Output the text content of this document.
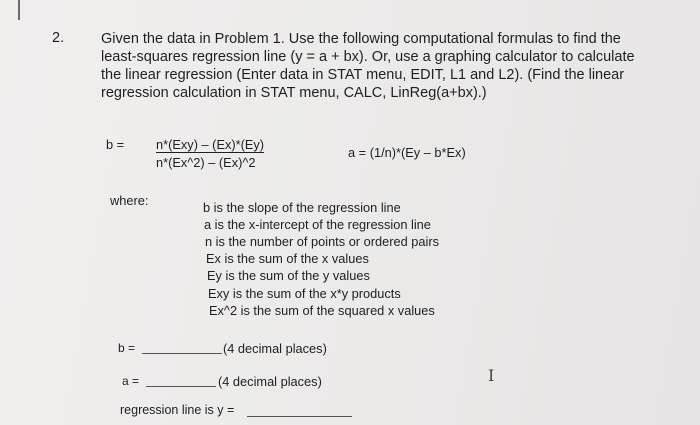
2.	Given the data in Problem 1. Use the following computational formulas to find the
least-squares regression line (y = a + bx). Or, use a graphing calculator to calculate
the linear regression (Enter data in STAT menu, EDIT, L1 and L2). (Find the linear
regression calculation in STAT menu, CALC, LinReg(a+bx).)
b = n*(Exy) – (Ex)*(Ey)
n*(Ex^2) – (Ex)^2
a = (1/n)*(Ey – b*Ex)
where:	b is the slope of the regression line
a is the x-intercept of the regression line
n is the number of points or ordered pairs
Ex is the sum of the x values
Ey is the sum of the y values
Exy is the sum of the x*y products
Ex^2 is the sum of the squared x values
b =	(4 decimal places)
a =	(4 decimal places)
regression line is y =
I
